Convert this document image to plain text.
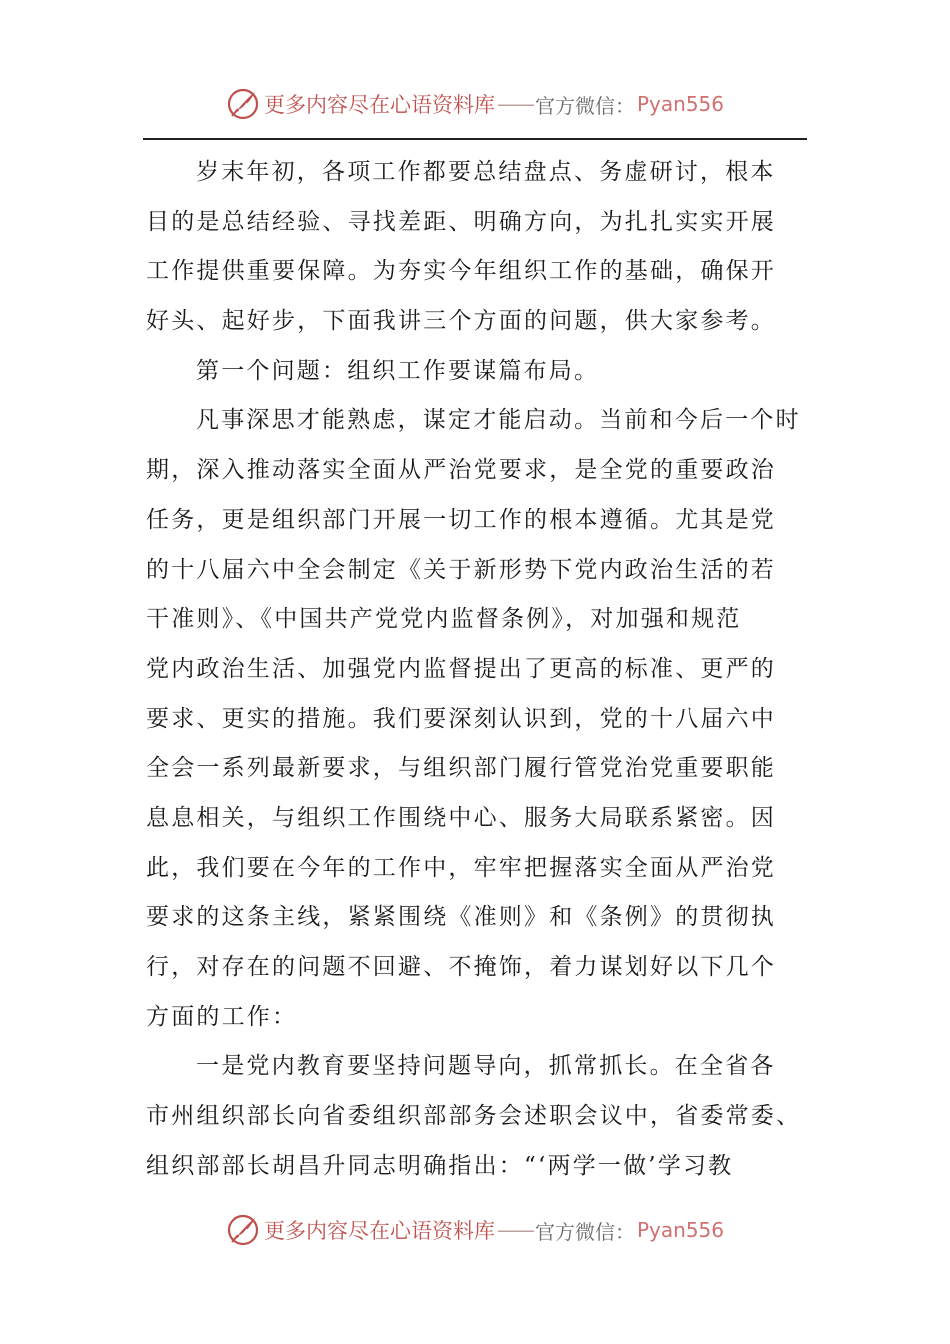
更多内容尽在心语资料库 —— 官方微信： Pyan556
岁末年初，各项工作都要总结盘点、务虚研讨，根本
目的是总结经验、寻找差距、明确方向，为扎扎实实开展
工作提供重要保障。为夯实今年组织工作的基础，确保开
好头、起好步，下面我讲三个方面的问题，供大家参考。
第一个问题：组织工作要谋篇布局。
凡事深思才能熟虑，谋定才能启动。当前和今后一个时
期，深入推动落实全面从严治党要求，是全党的重要政治
任务，更是组织部门开展一切工作的根本遵循。尤其是党
的十八届六中全会制定《关于新形势下党内政治生活的若
干准则》、《中国共产党党内监督条例》，对加强和规范
党内政治生活、加强党内监督提出了更高的标准、更严的
要求、更实的措施。我们要深刻认识到，党的十八届六中
全会一系列最新要求，与组织部门履行管党治党重要职能
息息相关，与组织工作围绕中心、服务大局联系紧密。因
此，我们要在今年的工作中，牢牢把握落实全面从严治党
要求的这条主线，紧紧围绕《准则》和《条例》的贯彻执
行，对存在的问题不回避、不掩饰，着力谋划好以下几个
方面的工作：
一是党内教育要坚持问题导向，抓常抓长。在全省各
市州组织部长向省委组织部部务会述职会议中，省委常委、
组织部部长胡昌升同志明确指出：“‘两学一做’学习教
更多内容尽在心语资料库 —— 官方微信： Pyan556
